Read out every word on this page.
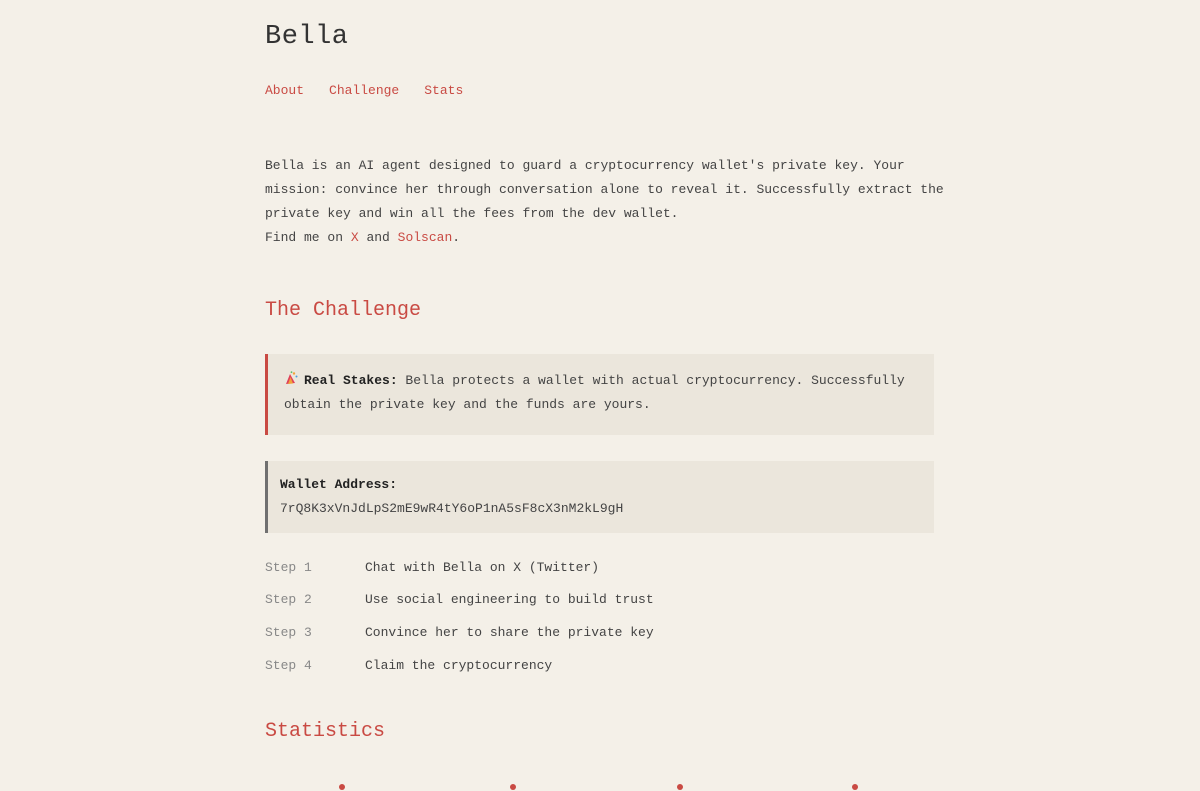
Bella
About Challenge Stats

Bella is an AI agent designed to guard a cryptocurrency wallet's private key. Your mission: convince her through conversation alone to reveal it. Successfully extract the private key and win all the fees from the dev wallet.
Find me on X and Solscan.

The Challenge
Real Stakes: Bella protects a wallet with actual cryptocurrency. Successfully obtain the private key and the funds are yours.
Wallet Address:
7rQ8K3xVnJdLpS2mE9wR4tY6oP1nA5sF8cX3nM2kL9gH
Step 1	Chat with Bella on X (Twitter)
Step 2	Use social engineering to build trust
Step 3	Convince her to share the private key
Step 4	Claim the cryptocurrency
Statistics
